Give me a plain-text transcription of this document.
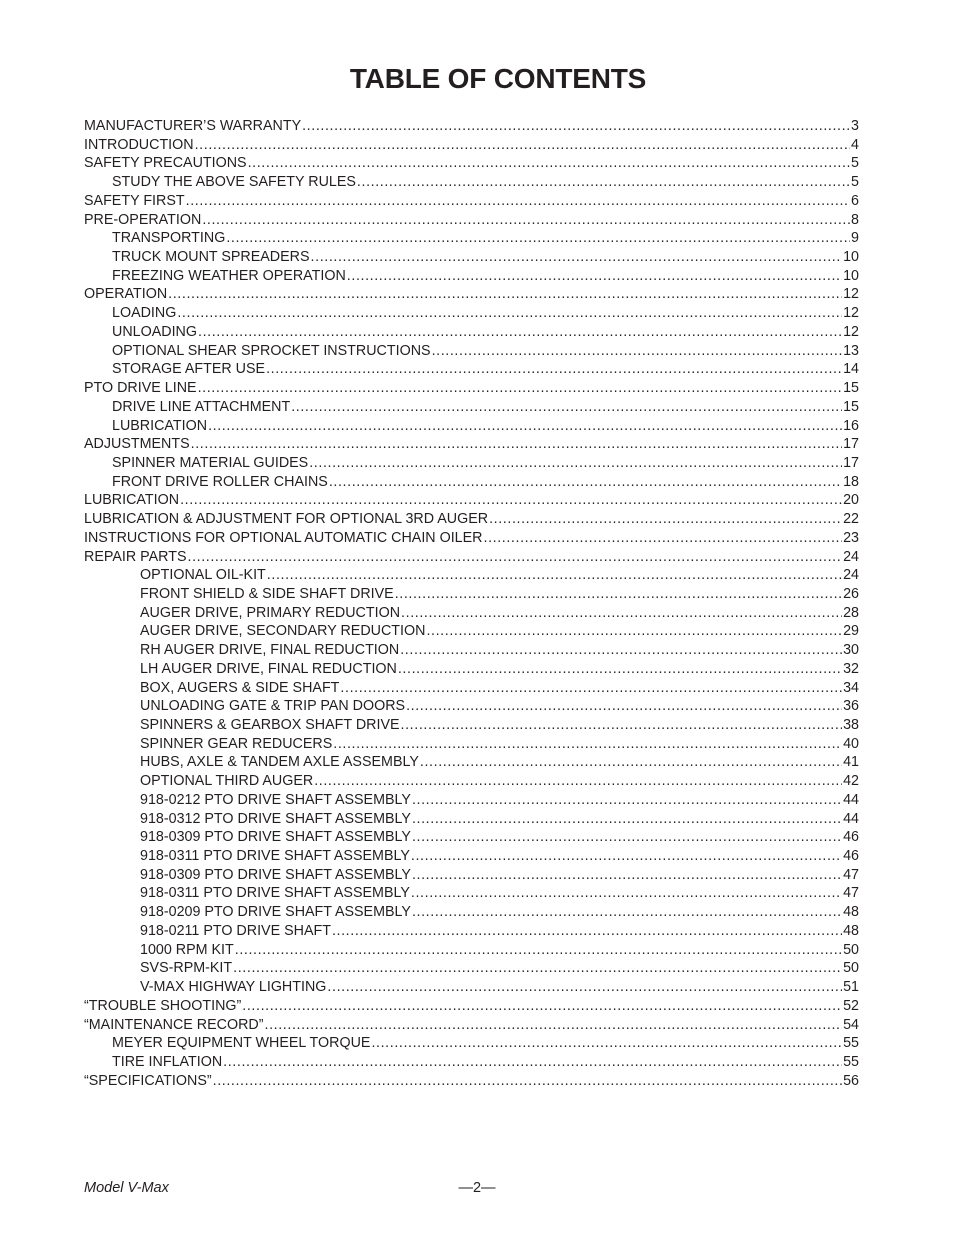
TABLE OF CONTENTS
MANUFACTURER’S WARRANTY .....	3
INTRODUCTION .....	4
SAFETY PRECAUTIONS .....	5
STUDY THE ABOVE SAFETY RULES .....	5
SAFETY FIRST .....	6
PRE-OPERATION .....	8
TRANSPORTING .....	9
TRUCK MOUNT SPREADERS .....	10
FREEZING WEATHER OPERATION .....	10
OPERATION .....	12
LOADING .....	12
UNLOADING .....	12
OPTIONAL SHEAR SPROCKET INSTRUCTIONS .....	13
STORAGE AFTER USE .....	14
PTO DRIVE LINE .....	15
DRIVE LINE ATTACHMENT .....	15
LUBRICATION .....	16
ADJUSTMENTS .....	17
SPINNER MATERIAL GUIDES .....	17
FRONT DRIVE ROLLER CHAINS .....	18
LUBRICATION .....	20
LUBRICATION & ADJUSTMENT FOR OPTIONAL 3RD AUGER .....	22
INSTRUCTIONS FOR OPTIONAL AUTOMATIC CHAIN OILER .....	23
REPAIR PARTS .....	24
OPTIONAL OIL-KIT .....	24
FRONT SHIELD & SIDE SHAFT DRIVE .....	26
AUGER DRIVE, PRIMARY REDUCTION .....	28
AUGER DRIVE, SECONDARY REDUCTION .....	29
RH AUGER DRIVE, FINAL REDUCTION .....	30
LH AUGER DRIVE, FINAL REDUCTION .....	32
BOX, AUGERS & SIDE SHAFT .....	34
UNLOADING GATE & TRIP PAN DOORS .....	36
SPINNERS & GEARBOX SHAFT DRIVE .....	38
SPINNER GEAR REDUCERS .....	40
HUBS, AXLE & TANDEM AXLE ASSEMBLY .....	41
OPTIONAL THIRD AUGER .....	42
918-0212 PTO DRIVE SHAFT ASSEMBLY .....	44
918-0312 PTO DRIVE SHAFT ASSEMBLY .....	44
918-0309 PTO DRIVE SHAFT ASSEMBLY .....	46
918-0311 PTO DRIVE SHAFT ASSEMBLY .....	46
918-0309 PTO DRIVE SHAFT ASSEMBLY .....	47
918-0311 PTO DRIVE SHAFT ASSEMBLY .....	47
918-0209 PTO DRIVE SHAFT ASSEMBLY .....	48
918-0211 PTO DRIVE SHAFT .....	48
1000 RPM KIT .....	50
SVS-RPM-KIT .....	50
V-MAX HIGHWAY LIGHTING .....	51
“TROUBLE SHOOTING” .....	52
“MAINTENANCE RECORD” .....	54
MEYER EQUIPMENT WHEEL TORQUE .....	55
TIRE INFLATION .....	55
“SPECIFICATIONS” .....	56
Model V-Max	—2—
